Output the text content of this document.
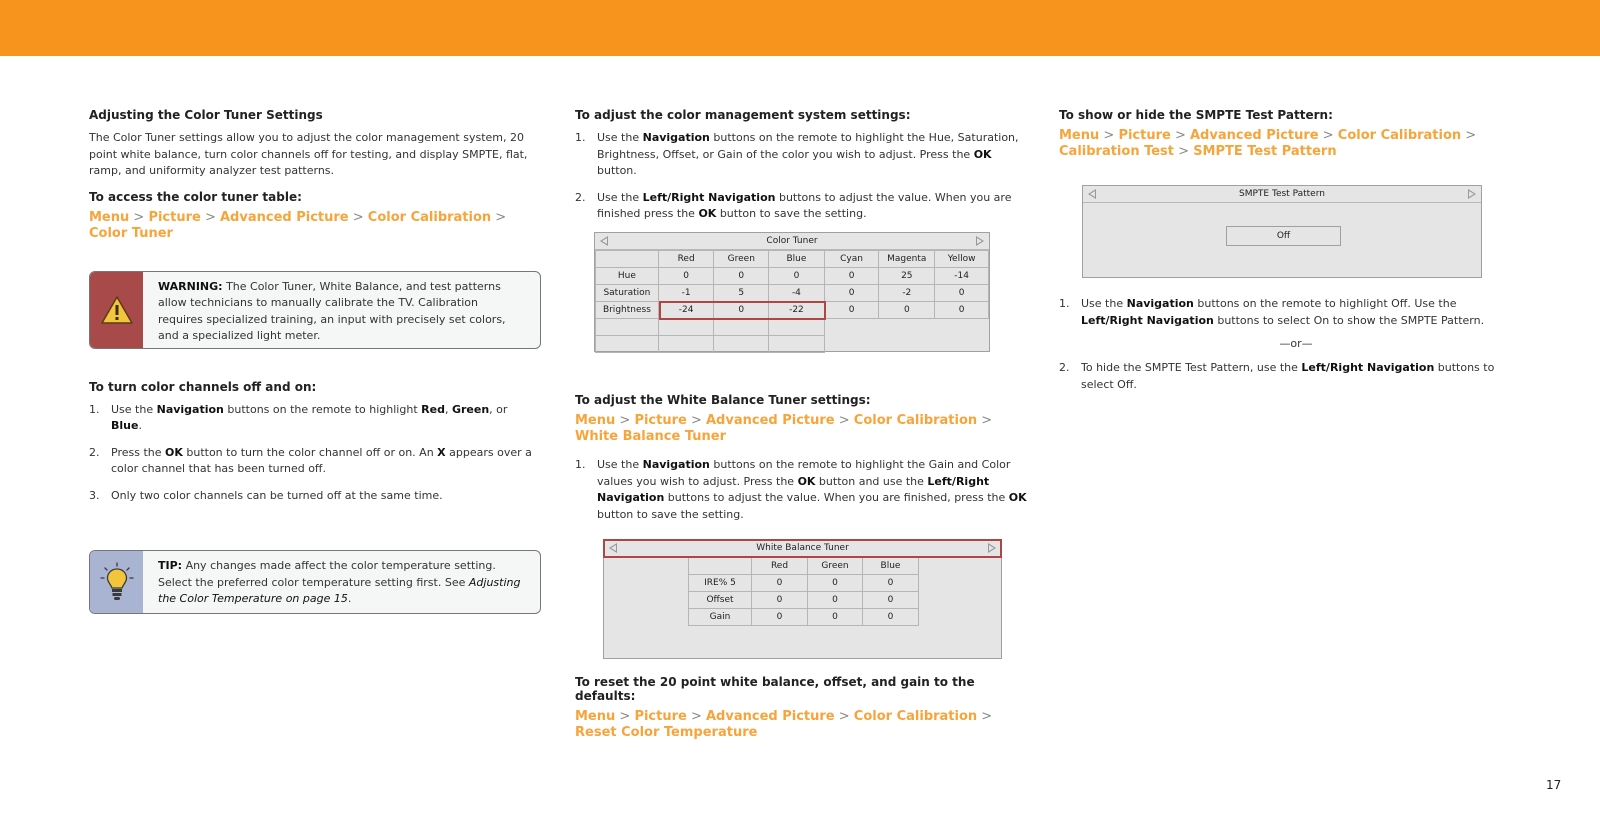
Adjusting the Color Tuner Settings

The Color Tuner settings allow you to adjust the color management system, 20 point white balance, turn color channels off for testing, and display SMPTE, flat, ramp, and uniformity analyzer test patterns.

To access the color tuner table:
Menu > Picture > Advanced Picture > Color Calibration > Color Tuner
WARNING: The Color Tuner, White Balance, and test patterns allow technicians to manually calibrate the TV. Calibration requires specialized training, an input with precisely set colors, and a specialized light meter.
To turn color channels off and on:
1. Use the Navigation buttons on the remote to highlight Red, Green, or Blue.
2. Press the OK button to turn the color channel off or on. An X appears over a color channel that has been turned off.
3. Only two color channels can be turned off at the same time.
TIP: Any changes made affect the color temperature setting. Select the preferred color temperature setting first. See Adjusting the Color Temperature on page 15.
To adjust the color management system settings:
1. Use the Navigation buttons on the remote to highlight the Hue, Saturation, Brightness, Offset, or Gain of the color you wish to adjust. Press the OK button.
2. Use the Left/Right Navigation buttons to adjust the value. When you are finished press the OK button to save the setting.
Color Tuner
	Red	Green	Blue	Cyan	Magenta	Yellow
Hue	0	0	0	0	25	-14
Saturation	-1	5	-4	0	-2	0
Brightness	-24	0	-22	0	0	0

To adjust the White Balance Tuner settings:
Menu > Picture > Advanced Picture > Color Calibration > White Balance Tuner
1. Use the Navigation buttons on the remote to highlight the Gain and Color values you wish to adjust. Press the OK button and use the Left/Right Navigation buttons to adjust the value. When you are finished, press the OK button to save the setting.
White Balance Tuner
	Red	Green	Blue
IRE% 5	0	0	0
Offset	0	0	0
Gain	0	0	0
To reset the 20 point white balance, offset, and gain to the defaults:
Menu > Picture > Advanced Picture > Color Calibration > Reset Color Temperature
To show or hide the SMPTE Test Pattern:
Menu > Picture > Advanced Picture > Color Calibration > Calibration Test > SMPTE Test Pattern
SMPTE Test Pattern
Off
1. Use the Navigation buttons on the remote to highlight Off. Use the Left/Right Navigation buttons to select On to show the SMPTE Pattern.
—or—
2. To hide the SMPTE Test Pattern, use the Left/Right Navigation buttons to select Off.
17
